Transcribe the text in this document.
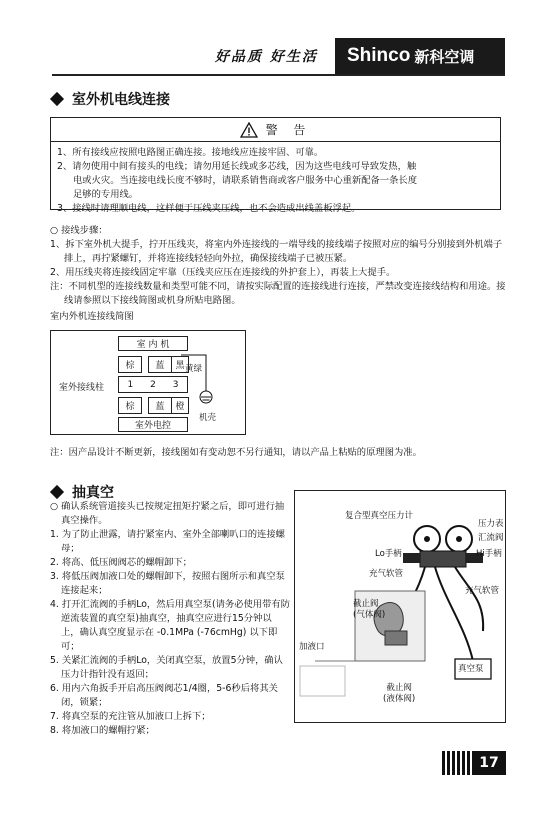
好品质 好生活 Shinco 新科空调
室外机电线连接
警 告
1、所有接线应按照电路图正确连接。接地线应连接牢固、可靠。
2、请勿使用中间有接头的电线；请勿用延长线或多芯线，因为这些电线可导致发热，触
电或火灾。当连接电线长度不够时，请联系销售商或客户服务中心重新配备一条长度
足够的专用线。
3、接线时请理顺电线，这样便于压线夹压线，也不会造成出线盖板浮起。
○ 接线步骤：
1、拆下室外机大提手，拧开压线夹，将室内外连接线的一端导线的接线端子按照对应的编号分别接到外机端子排上，再拧紧螺钉，并将连接线轻轻向外拉，确保接线端子已被压紧。
2、用压线夹将连接线固定牢靠（压线夹应压在连接线的外护套上），再装上大提手。
注：不同机型的连接线数量和类型可能不同，请按实际配置的连接线进行连接，严禁改变连接线结构和用途。接线请参照以下接线简图或机身所贴电路图。
室内外机连接线简图
室 内 机
棕	蓝	黑 黄绿
室外接线柱	1 2 3
棕	蓝	橙
室外电控
机壳
注：因产品设计不断更新，接线图如有变动恕不另行通知，请以产品上粘贴的原理图为准。
抽真空
○ 确认系统管道接头已按规定扭矩拧紧之后，即可进行抽真空操作。
1. 为了防止泄露，请拧紧室内、室外全部喇叭口的连接螺母；
2. 将高、低压阀阀芯的螺帽卸下；
3. 将低压阀加液口处的螺帽卸下，按照右图所示和真空泵连接起来；
4. 打开汇流阀的手柄Lo，然后用真空泵(请务必使用带有防逆流装置的真空泵)抽真空，抽真空应进行15分钟以上，确认真空度显示在 -0.1MPa (-76cmHg) 以下即可；
5. 关紧汇流阀的手柄Lo，关闭真空泵，放置5分钟，确认压力计指针没有返回；
6. 用内六角扳手开启高压阀阀芯1/4圈，5-6秒后将其关闭，锁紧；
7. 将真空泵的充注管从加液口上拆下；
8. 将加液口的螺帽拧紧；
复合型真空压力计
压力表
汇流阀
Lo手柄	Hi手柄
充气软管
充气软管
截止阀
(气体阀)
加液口
真空泵
截止阀
(液体阀)
17
